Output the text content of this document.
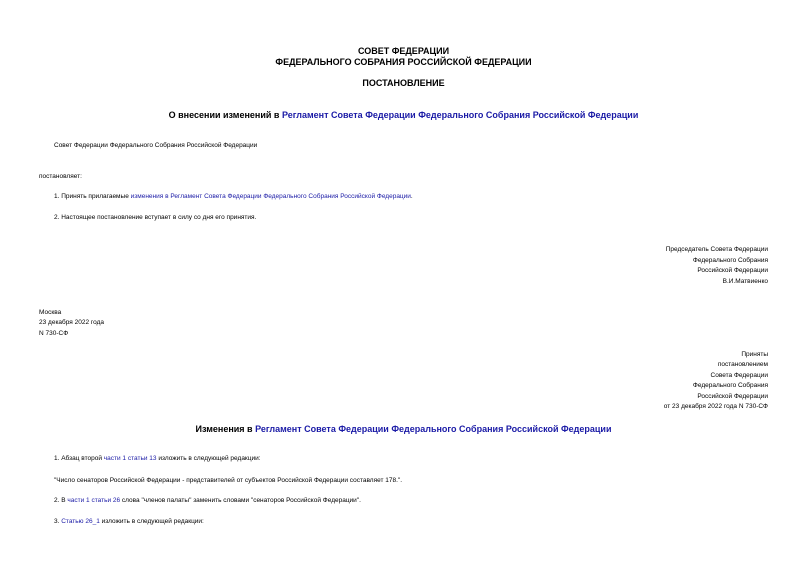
СОВЕТ ФЕДЕРАЦИИ
ФЕДЕРАЛЬНОГО СОБРАНИЯ РОССИЙСКОЙ ФЕДЕРАЦИИ
ПОСТАНОВЛЕНИЕ
О внесении изменений в Регламент Совета Федерации Федерального Собрания Российской Федерации
Совет Федерации Федерального Собрания Российской Федерации
постановляет:
1. Принять прилагаемые изменения в Регламент Совета Федерации Федерального Собрания Российской Федерации.
2. Настоящее постановление вступает в силу со дня его принятия.
Председатель Совета Федерации
Федерального Собрания
Российской Федерации
В.И.Матвиенко
Москва
23 декабря 2022 года
N 730-СФ
Приняты
постановлением
Совета Федерации
Федерального Собрания
Российской Федерации
от 23 декабря 2022 года N 730-СФ
Изменения в Регламент Совета Федерации Федерального Собрания Российской Федерации
1. Абзац второй части 1 статьи 13 изложить в следующей редакции:
"Число сенаторов Российской Федерации - представителей от субъектов Российской Федерации составляет 178.".
2. В части 1 статьи 26 слова "членов палаты" заменить словами "сенаторов Российской Федерации".
3. Статью 26_1 изложить в следующей редакции:
